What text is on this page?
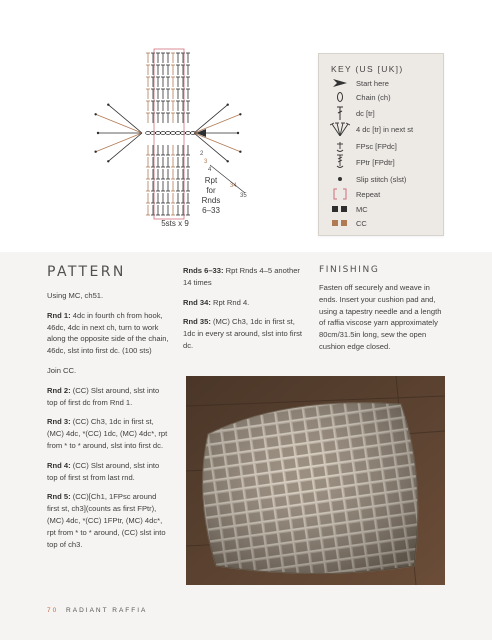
2
3
4
34
35
Rpt
for
Rnds
6–33
5sts x 9
KEY (US [UK])
Start here
Chain (ch)
dc [tr]
4 dc [tr] in next st
FPsc [FPdc]
FPtr [FPdtr]
Slip stitch (slst)
Repeat
MC
CC
PATTERN

Using MC, ch51.

Rnd 1: 4dc in fourth ch from hook, 46dc, 4dc in next ch, turn to work along the opposite side of the chain, 46dc, slst into first dc. (100 sts)

Join CC.

Rnd 2: (CC) Slst around, slst into top of first dc from Rnd 1.

Rnd 3: (CC) Ch3, 1dc in first st, (MC) 4dc, *(CC) 1dc, (MC) 4dc*, rpt from * to * around, slst into first dc.

Rnd 4: (CC) Slst around, slst into top of first st from last rnd.

Rnd 5: (CC)[Ch1, 1FPsc around first st, ch3](counts as first FPtr), (MC) 4dc, *(CC) 1FPtr, (MC) 4dc*, rpt from * to * around, (CC) slst into top of ch3.

Rnds 6–33: Rpt Rnds 4–5 another 14 times

Rnd 34: Rpt Rnd 4.

Rnd 35: (MC) Ch3, 1dc in first st, 1dc in every st around, slst into first dc.

FINISHING

Fasten off securely and weave in ends. Insert your cushion pad and, using a tapestry needle and a length of raffia viscose yarn approximately 80cm/31.5in long, sew the open cushion edge closed.

70 RADIANT RAFFIA
